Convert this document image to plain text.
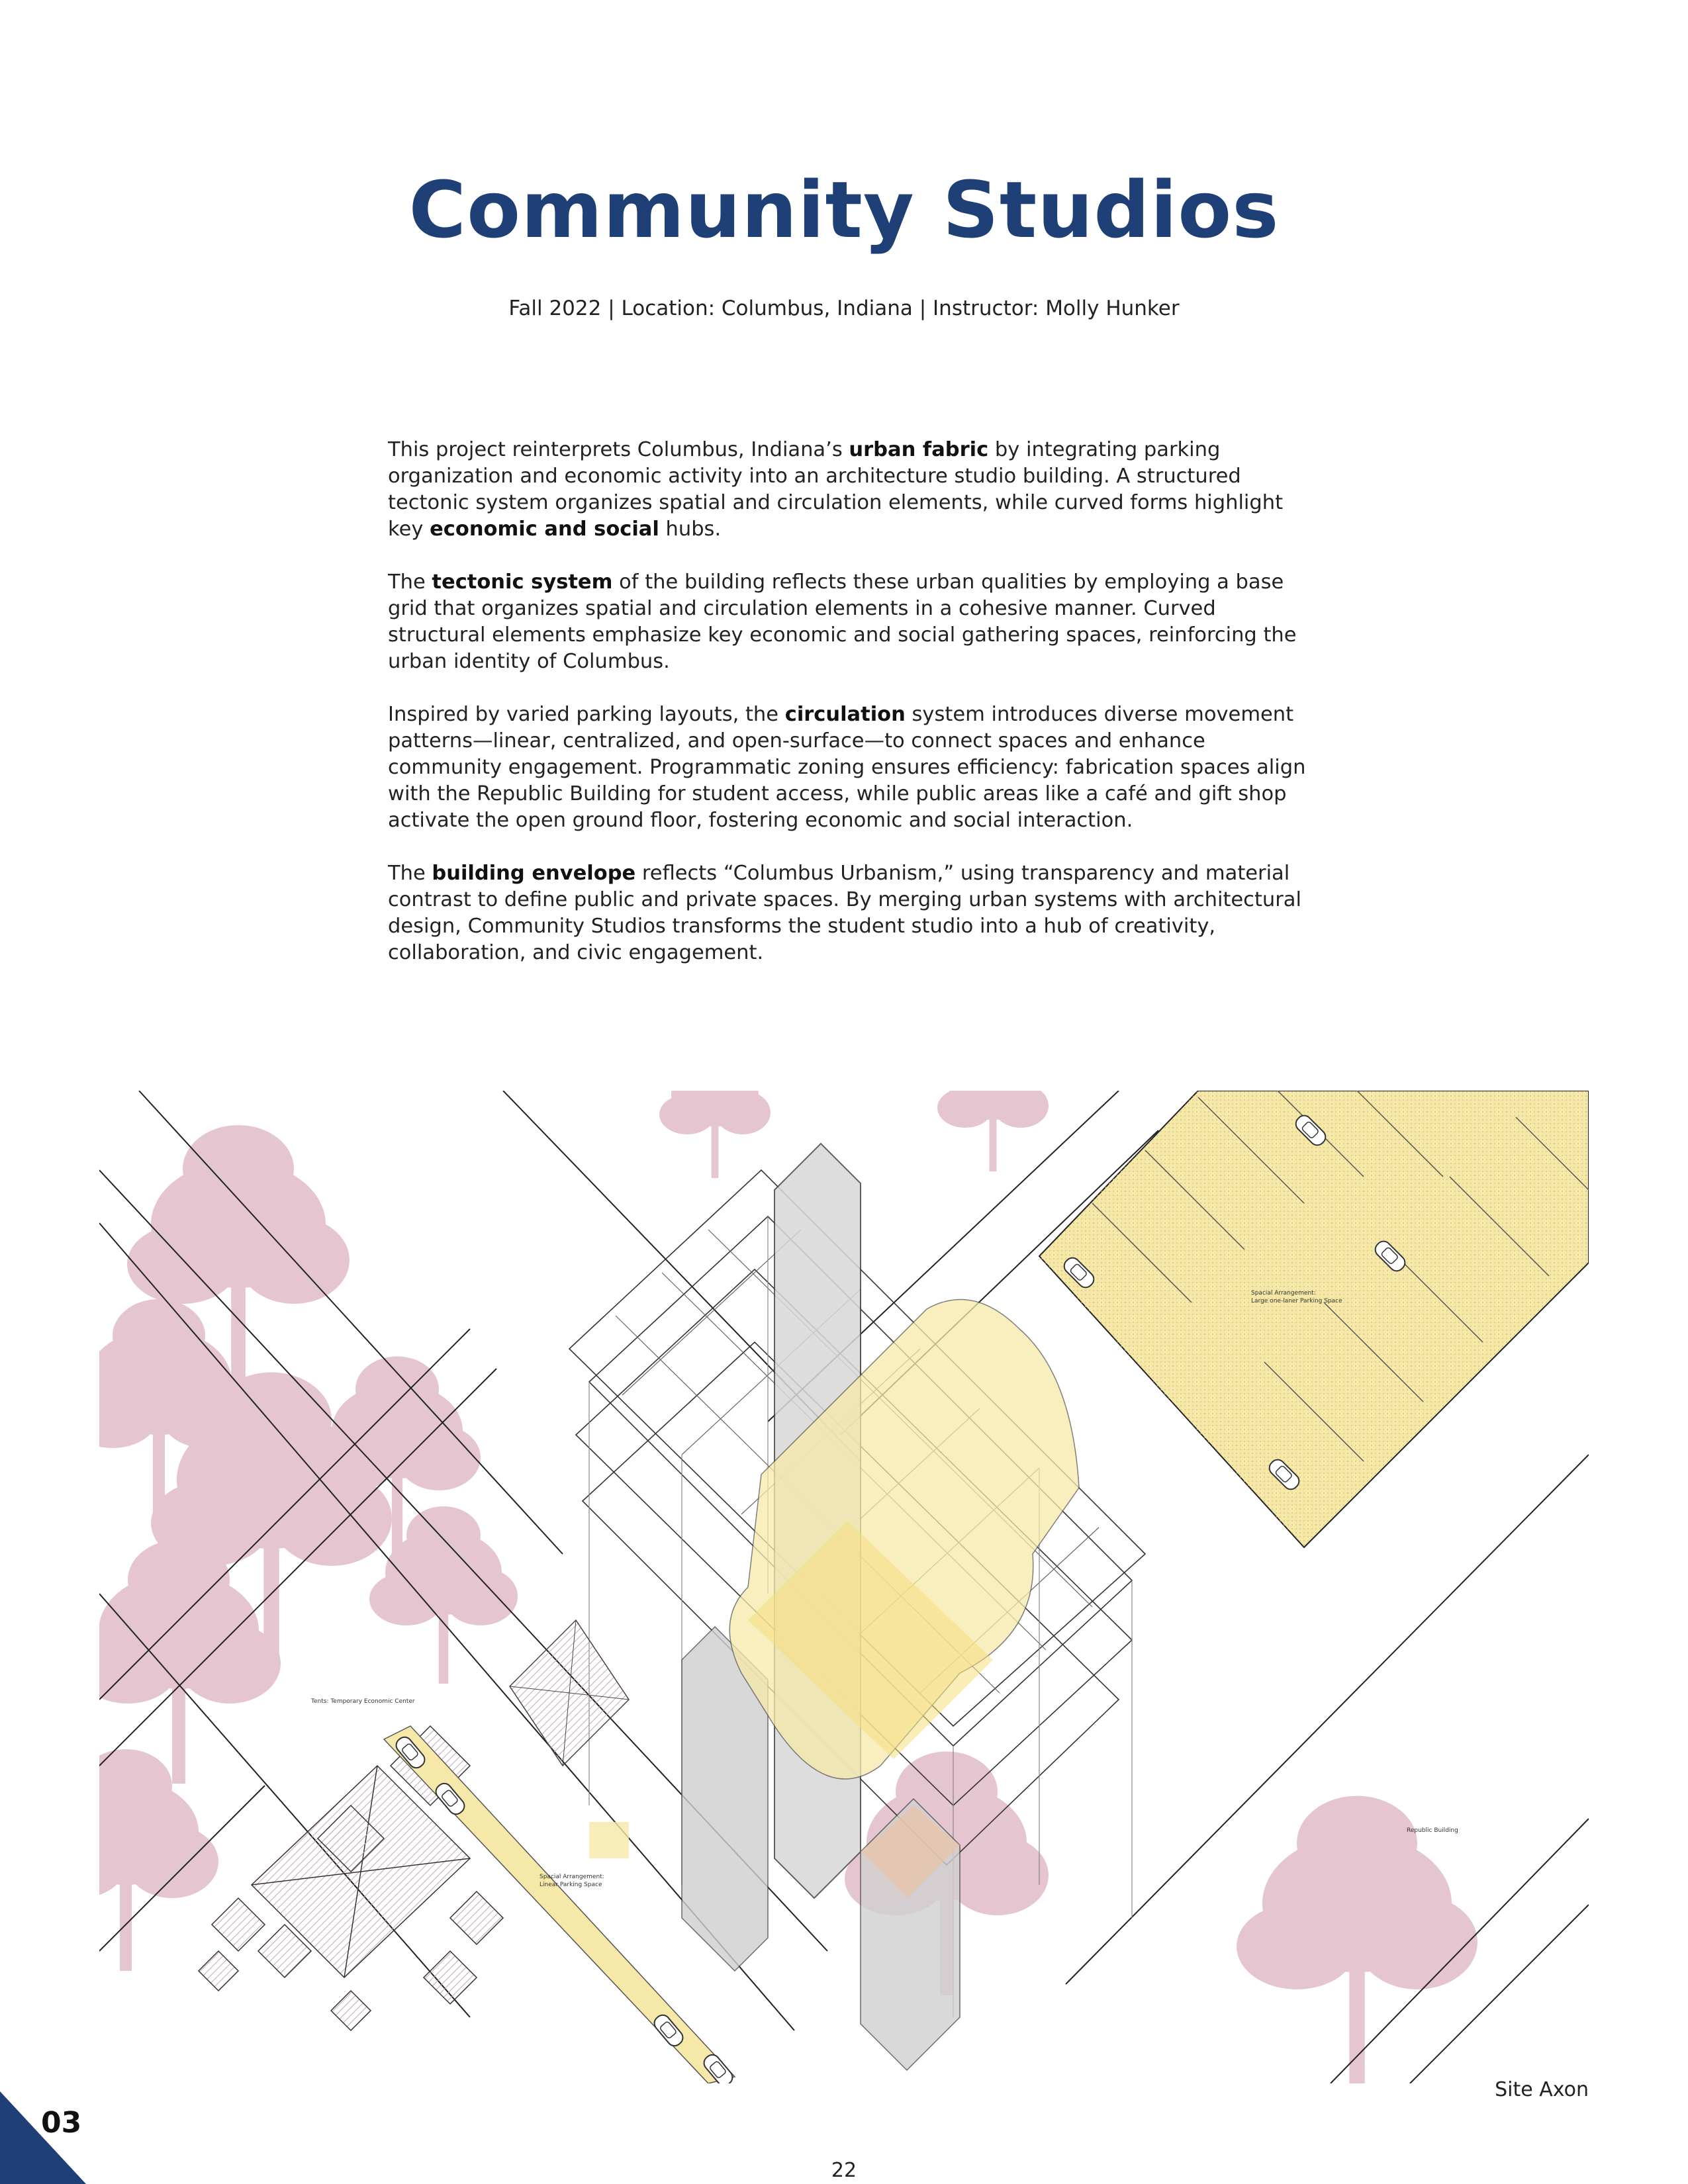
Community Studios
Fall 2022 | Location: Columbus, Indiana | Instructor: Molly Hunker

This project reinterprets Columbus, Indiana’s urban fabric by integrating parking organization and economic activity into an architecture studio building. A structured tectonic system organizes spatial and circulation elements, while curved forms highlight key economic and social hubs.

The tectonic system of the building reflects these urban qualities by employing a base grid that organizes spatial and circulation elements in a cohesive manner. Curved structural elements emphasize key economic and social gathering spaces, reinforcing the urban identity of Columbus.

Inspired by varied parking layouts, the circulation system introduces diverse movement patterns—linear, centralized, and open-surface—to connect spaces and enhance community engagement. Programmatic zoning ensures efficiency: fabrication spaces align with the Republic Building for student access, while public areas like a café and gift shop activate the open ground floor, fostering economic and social interaction.

The building envelope reflects “Columbus Urbanism,” using transparency and material contrast to define public and private spaces. By merging urban systems with architectural design, Community Studios transforms the student studio into a hub of creativity, collaboration, and civic engagement.

Spacial Arrangement:
Large one-laner Parking Space
Tents: Temporary Economic Center
Spacial Arrangement:
Linear Parking Space
Republic Building
Site Axon
03
22
